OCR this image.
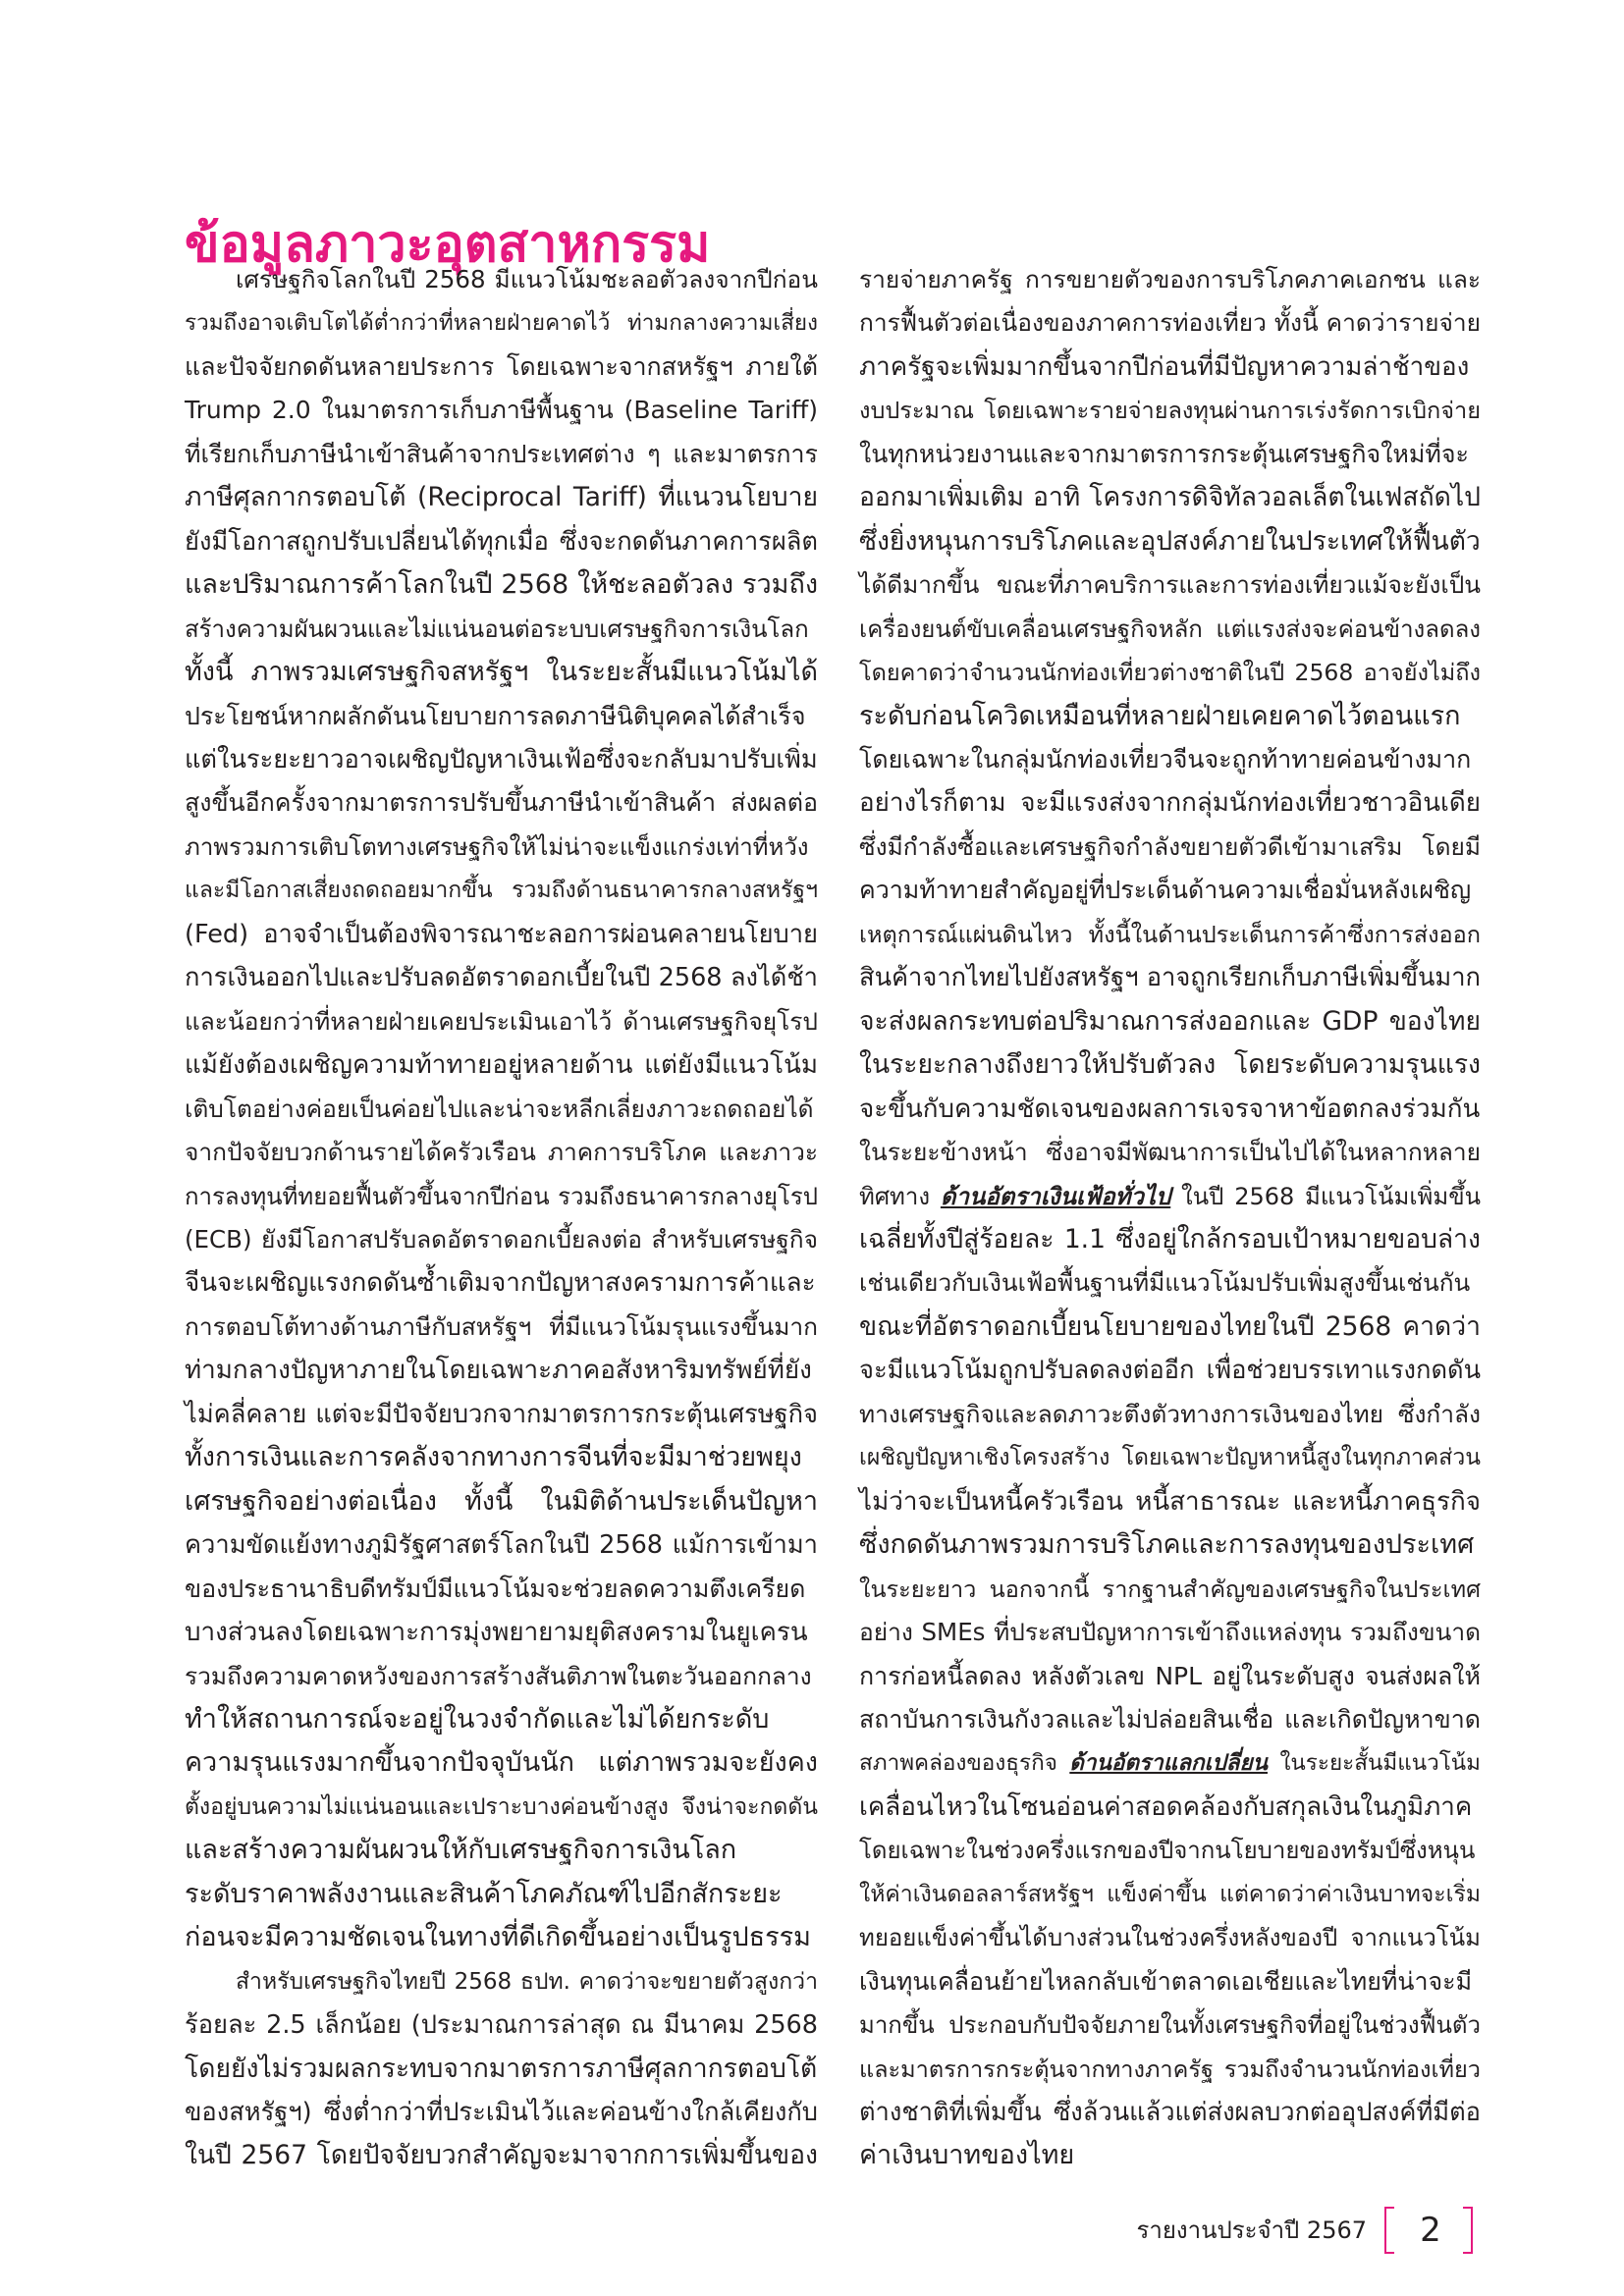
ข้อมูลภาวะอุตสาหกรรม
เศรษฐกิจโลกในปี 2568 มีแนวโน้มชะลอตัวลงจากปีก่อน
รวมถึงอาจเติบโตได้ต่ำกว่าที่หลายฝ่ายคาดไว้ ท่ามกลางความเสี่ยง
และปัจจัยกดดันหลายประการ โดยเฉพาะจากสหรัฐฯ ภายใต้
Trump 2.0 ในมาตรการเก็บภาษีพื้นฐาน (Baseline Tariff)
ที่เรียกเก็บภาษีนำเข้าสินค้าจากประเทศต่าง ๆ และมาตรการ
ภาษีศุลกากรตอบโต้ (Reciprocal Tariff) ที่แนวนโยบาย
ยังมีโอกาสถูกปรับเปลี่ยนได้ทุกเมื่อ ซึ่งจะกดดันภาคการผลิต
และปริมาณการค้าโลกในปี 2568 ให้ชะลอตัวลง รวมถึง
สร้างความผันผวนและไม่แน่นอนต่อระบบเศรษฐกิจการเงินโลก
ทั้งนี้ ภาพรวมเศรษฐกิจสหรัฐฯ ในระยะสั้นมีแนวโน้มได้
ประโยชน์หากผลักดันนโยบายการลดภาษีนิติบุคคลได้สำเร็จ
แต่ในระยะยาวอาจเผชิญปัญหาเงินเฟ้อซึ่งจะกลับมาปรับเพิ่ม
สูงขึ้นอีกครั้งจากมาตรการปรับขึ้นภาษีนำเข้าสินค้า ส่งผลต่อ
ภาพรวมการเติบโตทางเศรษฐกิจให้ไม่น่าจะแข็งแกร่งเท่าที่หวัง
และมีโอกาสเสี่ยงถดถอยมากขึ้น รวมถึงด้านธนาคารกลางสหรัฐฯ
(Fed) อาจจำเป็นต้องพิจารณาชะลอการผ่อนคลายนโยบาย
การเงินออกไปและปรับลดอัตราดอกเบี้ยในปี 2568 ลงได้ช้า
และน้อยกว่าที่หลายฝ่ายเคยประเมินเอาไว้ ด้านเศรษฐกิจยุโรป
แม้ยังต้องเผชิญความท้าทายอยู่หลายด้าน แต่ยังมีแนวโน้ม
เติบโตอย่างค่อยเป็นค่อยไปและน่าจะหลีกเลี่ยงภาวะถดถอยได้
จากปัจจัยบวกด้านรายได้ครัวเรือน ภาคการบริโภค และภาวะ
การลงทุนที่ทยอยฟื้นตัวขึ้นจากปีก่อน รวมถึงธนาคารกลางยุโรป
(ECB) ยังมีโอกาสปรับลดอัตราดอกเบี้ยลงต่อ สำหรับเศรษฐกิจ
จีนจะเผชิญแรงกดดันซ้ำเติมจากปัญหาสงครามการค้าและ
การตอบโต้ทางด้านภาษีกับสหรัฐฯ ที่มีแนวโน้มรุนแรงขึ้นมาก
ท่ามกลางปัญหาภายในโดยเฉพาะภาคอสังหาริมทรัพย์ที่ยัง
ไม่คลี่คลาย แต่จะมีปัจจัยบวกจากมาตรการกระตุ้นเศรษฐกิจ
ทั้งการเงินและการคลังจากทางการจีนที่จะมีมาช่วยพยุง
เศรษฐกิจอย่างต่อเนื่อง ทั้งนี้ ในมิติด้านประเด็นปัญหา
ความขัดแย้งทางภูมิรัฐศาสตร์โลกในปี 2568 แม้การเข้ามา
ของประธานาธิบดีทรัมป์มีแนวโน้มจะช่วยลดความตึงเครียด
บางส่วนลงโดยเฉพาะการมุ่งพยายามยุติสงครามในยูเครน
รวมถึงความคาดหวังของการสร้างสันติภาพในตะวันออกกลาง
ทำให้สถานการณ์จะอยู่ในวงจำกัดและไม่ได้ยกระดับ
ความรุนแรงมากขึ้นจากปัจจุบันนัก แต่ภาพรวมจะยังคง
ตั้งอยู่บนความไม่แน่นอนและเปราะบางค่อนข้างสูง จึงน่าจะกดดัน
และสร้างความผันผวนให้กับเศรษฐกิจการเงินโลก
ระดับราคาพลังงานและสินค้าโภคภัณฑ์ไปอีกสักระยะ
ก่อนจะมีความชัดเจนในทางที่ดีเกิดขึ้นอย่างเป็นรูปธรรม
สำหรับเศรษฐกิจไทยปี 2568 ธปท. คาดว่าจะขยายตัวสูงกว่า
ร้อยละ 2.5 เล็กน้อย (ประมาณการล่าสุด ณ มีนาคม 2568
โดยยังไม่รวมผลกระทบจากมาตรการภาษีศุลกากรตอบโต้
ของสหรัฐฯ) ซึ่งต่ำกว่าที่ประเมินไว้และค่อนข้างใกล้เคียงกับ
ในปี 2567 โดยปัจจัยบวกสำคัญจะมาจากการเพิ่มขึ้นของ
รายจ่ายภาครัฐ การขยายตัวของการบริโภคภาคเอกชน และ
การฟื้นตัวต่อเนื่องของภาคการท่องเที่ยว ทั้งนี้ คาดว่ารายจ่าย
ภาครัฐจะเพิ่มมากขึ้นจากปีก่อนที่มีปัญหาความล่าช้าของ
งบประมาณ โดยเฉพาะรายจ่ายลงทุนผ่านการเร่งรัดการเบิกจ่าย
ในทุกหน่วยงานและจากมาตรการกระตุ้นเศรษฐกิจใหม่ที่จะ
ออกมาเพิ่มเติม อาทิ โครงการดิจิทัลวอลเล็ตในเฟสถัดไป
ซึ่งยิ่งหนุนการบริโภคและอุปสงค์ภายในประเทศให้ฟื้นตัว
ได้ดีมากขึ้น ขณะที่ภาคบริการและการท่องเที่ยวแม้จะยังเป็น
เครื่องยนต์ขับเคลื่อนเศรษฐกิจหลัก แต่แรงส่งจะค่อนข้างลดลง
โดยคาดว่าจำนวนนักท่องเที่ยวต่างชาติในปี 2568 อาจยังไม่ถึง
ระดับก่อนโควิดเหมือนที่หลายฝ่ายเคยคาดไว้ตอนแรก
โดยเฉพาะในกลุ่มนักท่องเที่ยวจีนจะถูกท้าทายค่อนข้างมาก
อย่างไรก็ตาม จะมีแรงส่งจากกลุ่มนักท่องเที่ยวชาวอินเดีย
ซึ่งมีกำลังซื้อและเศรษฐกิจกำลังขยายตัวดีเข้ามาเสริม โดยมี
ความท้าทายสำคัญอยู่ที่ประเด็นด้านความเชื่อมั่นหลังเผชิญ
เหตุการณ์แผ่นดินไหว ทั้งนี้ในด้านประเด็นการค้าซึ่งการส่งออก
สินค้าจากไทยไปยังสหรัฐฯ อาจถูกเรียกเก็บภาษีเพิ่มขึ้นมาก
จะส่งผลกระทบต่อปริมาณการส่งออกและ GDP ของไทย
ในระยะกลางถึงยาวให้ปรับตัวลง โดยระดับความรุนแรง
จะขึ้นกับความชัดเจนของผลการเจรจาหาข้อตกลงร่วมกัน
ในระยะข้างหน้า ซึ่งอาจมีพัฒนาการเป็นไปได้ในหลากหลาย
ทิศทาง ด้านอัตราเงินเฟ้อทั่วไป ในปี 2568 มีแนวโน้มเพิ่มขึ้น
เฉลี่ยทั้งปีสู่ร้อยละ 1.1 ซึ่งอยู่ใกล้กรอบเป้าหมายขอบล่าง
เช่นเดียวกับเงินเฟ้อพื้นฐานที่มีแนวโน้มปรับเพิ่มสูงขึ้นเช่นกัน
ขณะที่อัตราดอกเบี้ยนโยบายของไทยในปี 2568 คาดว่า
จะมีแนวโน้มถูกปรับลดลงต่ออีก เพื่อช่วยบรรเทาแรงกดดัน
ทางเศรษฐกิจและลดภาวะตึงตัวทางการเงินของไทย ซึ่งกำลัง
เผชิญปัญหาเชิงโครงสร้าง โดยเฉพาะปัญหาหนี้สูงในทุกภาคส่วน
ไม่ว่าจะเป็นหนี้ครัวเรือน หนี้สาธารณะ และหนี้ภาคธุรกิจ
ซึ่งกดดันภาพรวมการบริโภคและการลงทุนของประเทศ
ในระยะยาว นอกจากนี้ รากฐานสำคัญของเศรษฐกิจในประเทศ
อย่าง SMEs ที่ประสบปัญหาการเข้าถึงแหล่งทุน รวมถึงขนาด
การก่อหนี้ลดลง หลังตัวเลข NPL อยู่ในระดับสูง จนส่งผลให้
สถาบันการเงินกังวลและไม่ปล่อยสินเชื่อ และเกิดปัญหาขาด
สภาพคล่องของธุรกิจ ด้านอัตราแลกเปลี่ยน ในระยะสั้นมีแนวโน้ม
เคลื่อนไหวในโซนอ่อนค่าสอดคล้องกับสกุลเงินในภูมิภาค
โดยเฉพาะในช่วงครึ่งแรกของปีจากนโยบายของทรัมป์ซึ่งหนุน
ให้ค่าเงินดอลลาร์สหรัฐฯ แข็งค่าขึ้น แต่คาดว่าค่าเงินบาทจะเริ่ม
ทยอยแข็งค่าขึ้นได้บางส่วนในช่วงครึ่งหลังของปี จากแนวโน้ม
เงินทุนเคลื่อนย้ายไหลกลับเข้าตลาดเอเชียและไทยที่น่าจะมี
มากขึ้น ประกอบกับปัจจัยภายในทั้งเศรษฐกิจที่อยู่ในช่วงฟื้นตัว
และมาตรการกระตุ้นจากทางภาครัฐ รวมถึงจำนวนนักท่องเที่ยว
ต่างชาติที่เพิ่มขึ้น ซึ่งล้วนแล้วแต่ส่งผลบวกต่ออุปสงค์ที่มีต่อ
ค่าเงินบาทของไทย
รายงานประจำปี 2567	2
